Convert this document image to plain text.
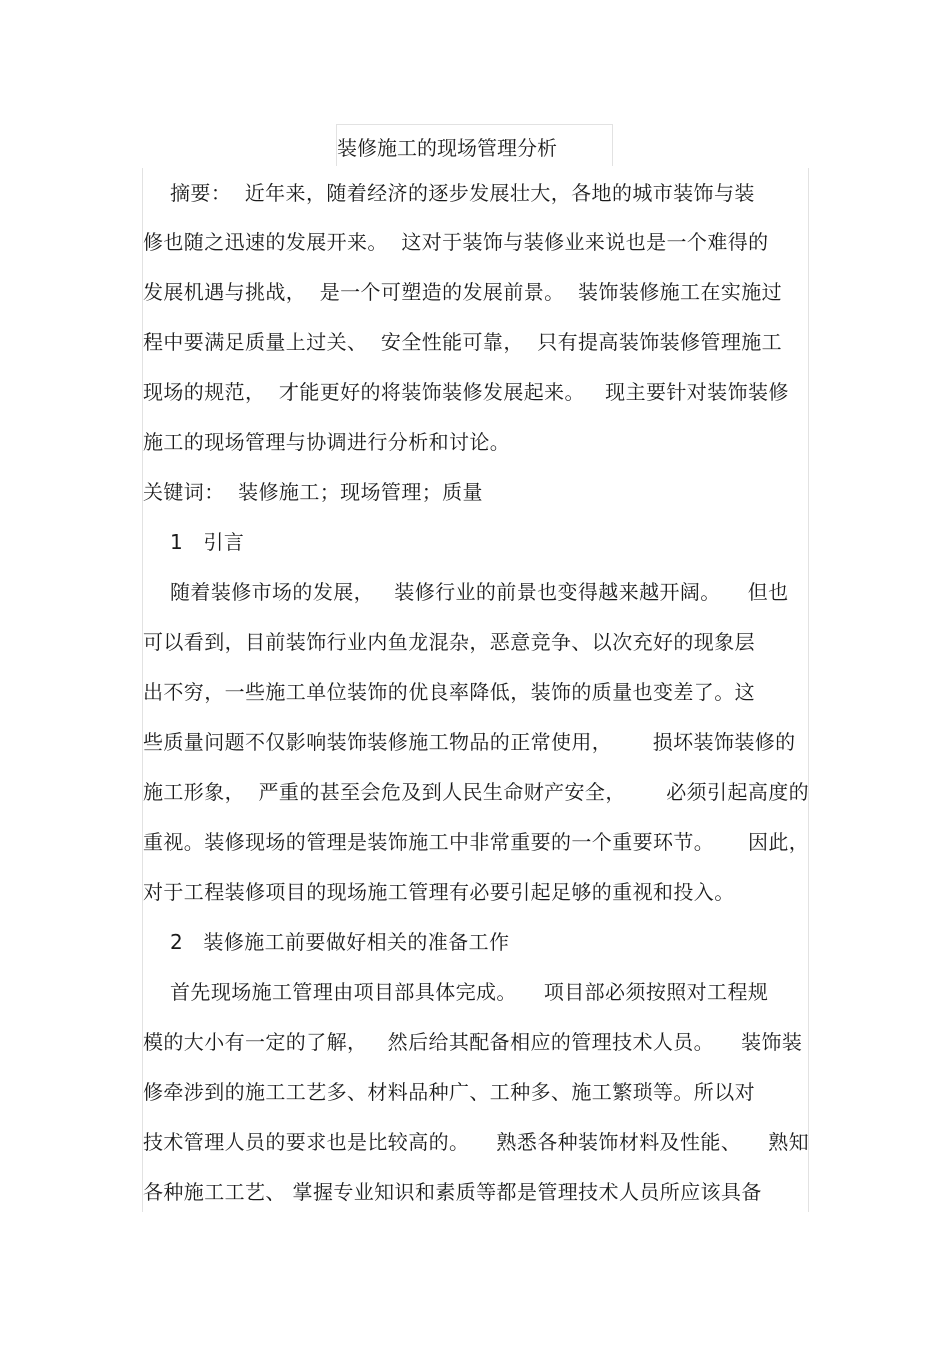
装修施工的现场管理分析
摘要：  近年来，随着经济的逐步发展壮大，各地的城市装饰与装
修也随之迅速的发展开来。  这对于装饰与装修业来说也是一个难得的
发展机遇与挑战，  是一个可塑造的发展前景。  装饰装修施工在实施过
程中要满足质量上过关、  安全性能可靠，  只有提高装饰装修管理施工
现场的规范，  才能更好的将装饰装修发展起来。   现主要针对装饰装修
施工的现场管理与协调进行分析和讨论。
关键词：  装修施工；现场管理；质量
1   引言
随着装修市场的发展，   装修行业的前景也变得越来越开阔。    但也
可以看到，目前装饰行业内鱼龙混杂，恶意竞争、以次充好的现象层
出不穷，一些施工单位装饰的优良率降低，装饰的质量也变差了。这
些质量问题不仅影响装饰装修施工物品的正常使用，      损坏装饰装修的
施工形象，  严重的甚至会危及到人民生命财产安全，      必须引起高度的
重视。装修现场的管理是装饰施工中非常重要的一个重要环节。     因此，
对于工程装修项目的现场施工管理有必要引起足够的重视和投入。
2   装修施工前要做好相关的准备工作
首先现场施工管理由项目部具体完成。    项目部必须按照对工程规
模的大小有一定的了解，   然后给其配备相应的管理技术人员。    装饰装
修牵涉到的施工工艺多、材料品种广、工种多、施工繁琐等。所以对
技术管理人员的要求也是比较高的。    熟悉各种装饰材料及性能、    熟知
各种施工工艺、 掌握专业知识和素质等都是管理技术人员所应该具备
